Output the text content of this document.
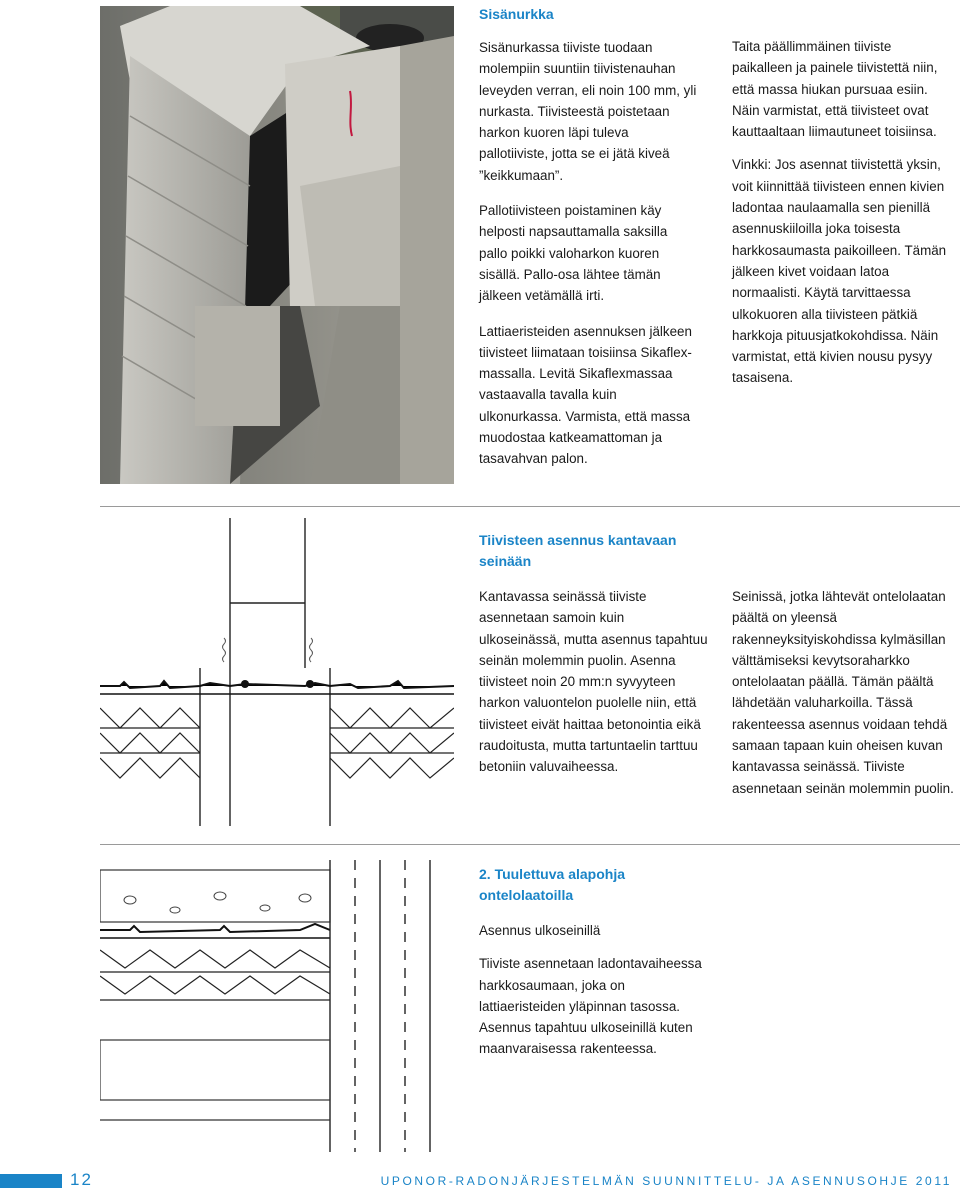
Sisänurkka

Sisänurkassa tiiviste tuodaan molempiin suuntiin tiivistenauhan leveyden verran, eli noin 100 mm, yli nurkasta. Tiivisteestä poistetaan harkon kuoren läpi tuleva pallotiiviste, jotta se ei jätä kiveä ”keikkumaan”.

Pallotiivisteen poistaminen käy helposti napsauttamalla saksilla pallo poikki valoharkon kuoren sisällä. Pallo-osa lähtee tämän jälkeen vetämällä irti.

Lattiaeristeiden asennuksen jälkeen tiivisteet liimataan toisiinsa Sikaflex-massalla. Levitä Sikaflexmassaa vastaavalla tavalla kuin ulkonurkassa. Varmista, että massa muodostaa katkeamattoman ja tasavahvan palon.

Taita päällimmäinen tiiviste paikalleen ja painele tiivistettä niin, että massa hiukan pursuaa esiin. Näin varmistat, että tiivisteet ovat kauttaaltaan liimautuneet toisiinsa.

Vinkki: Jos asennat tiivistettä yksin, voit kiinnittää tiivisteen ennen kivien ladontaa naulaamalla sen pienillä asennuskiiloilla joka toisesta harkkosaumasta paikoilleen. Tämän jälkeen kivet voidaan latoa normaalisti. Käytä tarvittaessa ulkokuoren alla tiivisteen pätkiä harkkoja pituusjatkokohdissa. Näin varmistat, että kivien nousu pysyy tasaisena.

Tiivisteen asennus kantavaan seinään

Kantavassa seinässä tiiviste asennetaan samoin kuin ulkoseinässä, mutta asennus tapahtuu seinän molemmin puolin. Asenna tiivisteet noin 20 mm:n syvyyteen harkon valuontelon puolelle niin, että tiivisteet eivät haittaa betonointia eikä raudoitusta, mutta tartuntaelin tarttuu betoniin valuvaiheessa.

Seinissä, jotka lähtevät ontelolaatan päältä on yleensä rakenneyksityiskohdissa kylmäsillan välttämiseksi kevytsoraharkko ontelolaatan päällä. Tämän päältä lähdetään valuharkoilla. Tässä rakenteessa asennus voidaan tehdä samaan tapaan kuin oheisen kuvan kantavassa seinässä. Tiiviste asennetaan seinän molemmin puolin.

2. Tuulettuva alapohja ontelolaatoilla

Asennus ulkoseinillä

Tiiviste asennetaan ladontavaiheessa harkkosaumaan, joka on lattiaeristeiden yläpinnan tasossa. Asennus tapahtuu ulkoseinillä kuten maanvaraisessa rakenteessa.

12	UPONOR-RADONJÄRJESTELMÄN SUUNNITTELU- JA ASENNUSOHJE 2011
